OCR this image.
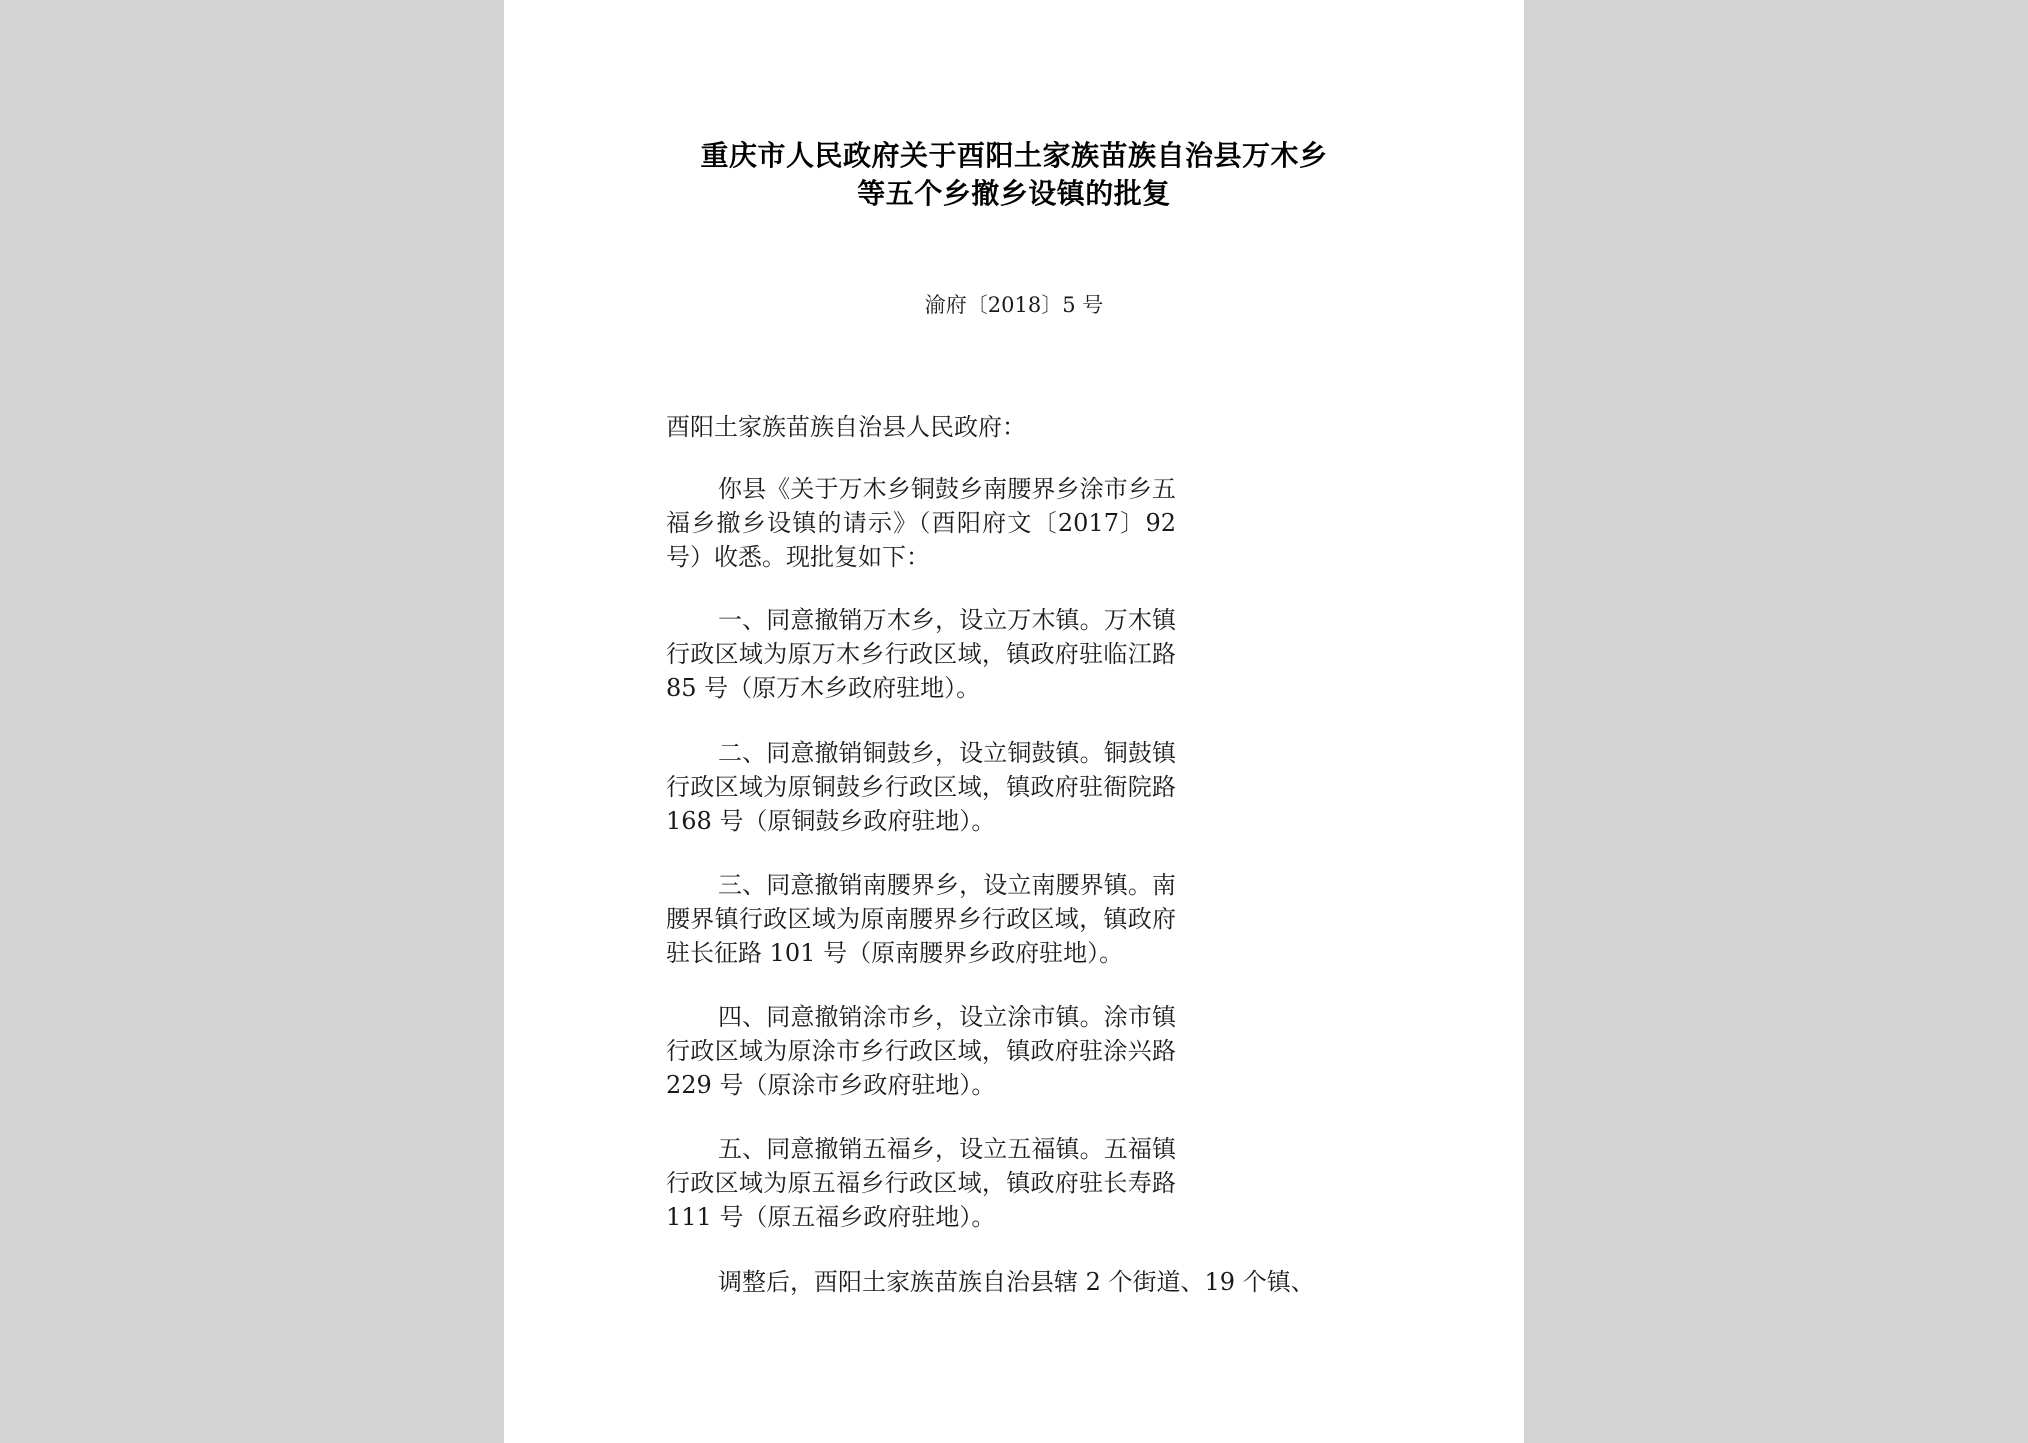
重庆市人民政府关于酉阳土家族苗族自治县万木乡
等五个乡撤乡设镇的批复
渝府〔2018〕5 号

酉阳土家族苗族自治县人民政府：

你县《关于万木乡铜鼓乡南腰界乡涂市乡五福乡撤乡设镇的请示》（酉阳府文〔2017〕92 号）收悉。现批复如下：

一、同意撤销万木乡，设立万木镇。万木镇行政区域为原万木乡行政区域，镇政府驻临江路 85 号（原万木乡政府驻地）。

二、同意撤销铜鼓乡，设立铜鼓镇。铜鼓镇行政区域为原铜鼓乡行政区域，镇政府驻衙院路 168 号（原铜鼓乡政府驻地）。

三、同意撤销南腰界乡，设立南腰界镇。南腰界镇行政区域为原南腰界乡行政区域，镇政府驻长征路 101 号（原南腰界乡政府驻地）。

四、同意撤销涂市乡，设立涂市镇。涂市镇行政区域为原涂市乡行政区域，镇政府驻涂兴路 229 号（原涂市乡政府驻地）。

五、同意撤销五福乡，设立五福镇。五福镇行政区域为原五福乡行政区域，镇政府驻长寿路 111 号（原五福乡政府驻地）。

调整后，酉阳土家族苗族自治县辖 2 个街道、19 个镇、
